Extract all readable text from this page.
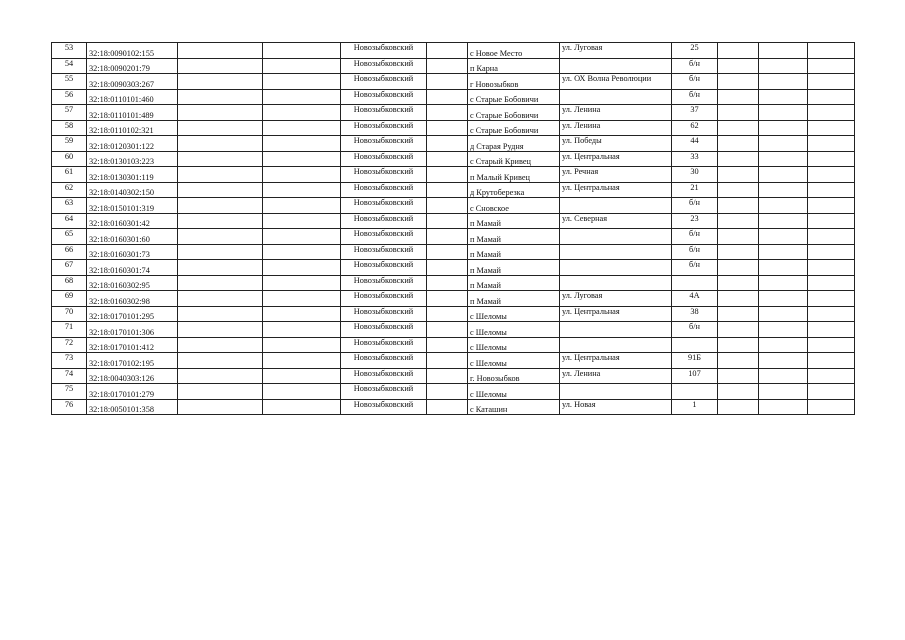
53	32:18:0090102:155			Новозыбковский		с Новое Место	ул. Луговая	25			
54	32:18:0090201:79			Новозыбковский		п Карна		б/н			
55	32:18:0090303:267			Новозыбковский		г Новозыбков	ул. ОХ Волна Революции	б/н			
56	32:18:0110101:460			Новозыбковский		с Старые Бобовичи		б/н			
57	32:18:0110101:489			Новозыбковский		с Старые Бобовичи	ул. Ленина	37			
58	32:18:0110102:321			Новозыбковский		с Старые Бобовичи	ул. Ленина	62			
59	32:18:0120301:122			Новозыбковский		д Старая Рудня	ул. Победы	44			
60	32:18:0130103:223			Новозыбковский		с Старый Кривец	ул. Центральная	33			
61	32:18:0130301:119			Новозыбковский		п Малый Кривец	ул. Речная	30			
62	32:18:0140302:150			Новозыбковский		д Крутоберезка	ул. Центральная	21			
63	32:18:0150101:319			Новозыбковский		с Сновское		б/н			
64	32:18:0160301:42			Новозыбковский		п Мамай	ул. Северная	23			
65	32:18:0160301:60			Новозыбковский		п Мамай		б/н			
66	32:18:0160301:73			Новозыбковский		п Мамай		б/н			
67	32:18:0160301:74			Новозыбковский		п Мамай		б/н			
68	32:18:0160302:95			Новозыбковский		п Мамай					
69	32:18:0160302:98			Новозыбковский		п Мамай	ул. Луговая	4А			
70	32:18:0170101:295			Новозыбковский		с Шеломы	ул. Центральная	38			
71	32:18:0170101:306			Новозыбковский		с Шеломы		б/н			
72	32:18:0170101:412			Новозыбковский		с Шеломы					
73	32:18:0170102:195			Новозыбковский		с Шеломы	ул. Центральная	91Б			
74	32:18:0040303:126			Новозыбковский		г. Новозыбков	ул. Ленина	107			
75	32:18:0170101:279			Новозыбковский		с Шеломы					
76	32:18:0050101:358			Новозыбковский		с Каташин	ул. Новая	1			
